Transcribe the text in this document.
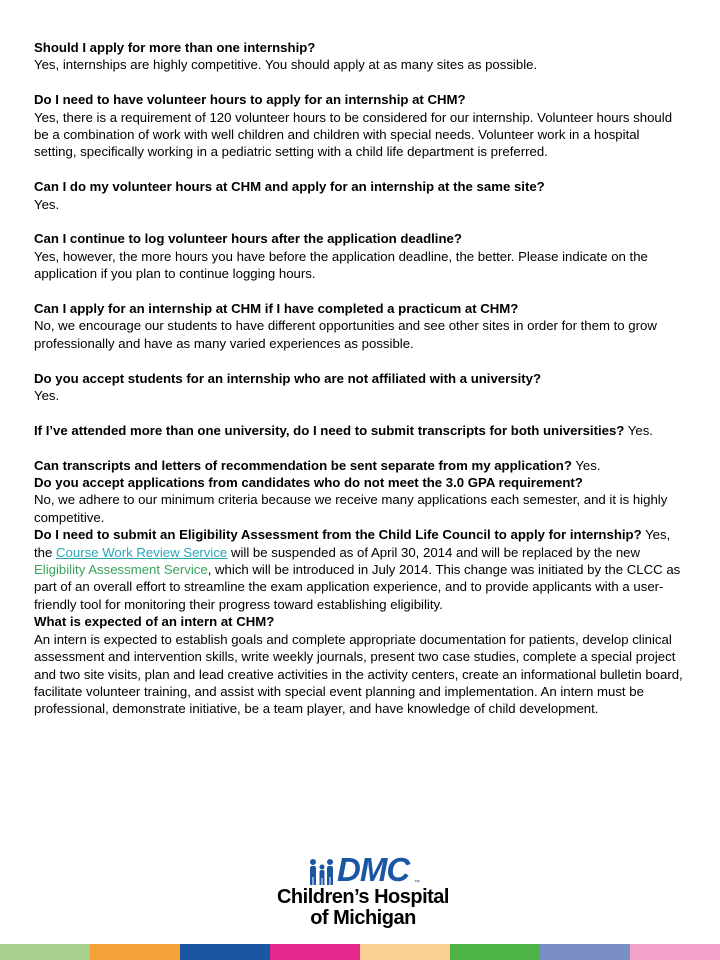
Should I apply for more than one internship?

Yes, internships are highly competitive. You should apply at as many sites as possible.

Do I need to have volunteer hours to apply for an internship at CHM?

Yes, there is a requirement of 120 volunteer hours to be considered for our internship. Volunteer hours should be a combination of work with well children and children with special needs. Volunteer work in a hospital setting, specifically working in a pediatric setting with a child life department is preferred.

Can I do my volunteer hours at CHM and apply for an internship at the same site?

Yes.

Can I continue to log volunteer hours after the application deadline?

Yes, however, the more hours you have before the application deadline, the better. Please indicate on the application if you plan to continue logging hours.

Can I apply for an internship at CHM if I have completed a practicum at CHM?

No, we encourage our students to have different opportunities and see other sites in order for them to grow professionally and have as many varied experiences as possible.

Do you accept students for an internship who are not affiliated with a university?

Yes.

If I’ve attended more than one university, do I need to submit transcripts for both universities? Yes.

Can transcripts and letters of recommendation be sent separate from my application? Yes.

Do you accept applications from candidates who do not meet the 3.0 GPA requirement?

No, we adhere to our minimum criteria because we receive many applications each semester, and it is highly competitive.

Do I need to submit an Eligibility Assessment from the Child Life Council to apply for internship? Yes, the Course Work Review Service will be suspended as of April 30, 2014 and will be replaced by the new Eligibility Assessment Service, which will be introduced in July 2014. This change was initiated by the CLCC as part of an overall effort to streamline the exam application experience, and to provide applicants with a user-friendly tool for monitoring their progress toward establishing eligibility.

What is expected of an intern at CHM?

An intern is expected to establish goals and complete appropriate documentation for patients, develop clinical assessment and intervention skills, write weekly journals, present two case studies, complete a special project and two site visits, plan and lead creative activities in the activity centers, create an informational bulletin board, facilitate volunteer training, and assist with special event planning and implementation. An intern must be professional, demonstrate initiative, be a team player, and have knowledge of child development.

DMC ™
Children’s Hospital
of Michigan
